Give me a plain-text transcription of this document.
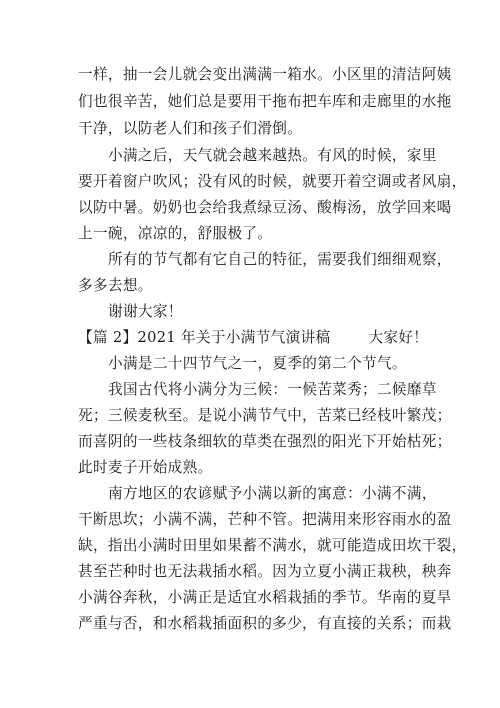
一样，抽一会儿就会变出满满一箱水。小区里的清洁阿姨
们也很辛苦，她们总是要用干拖布把车库和走廊里的水拖
干净，以防老人们和孩子们滑倒。
小满之后，天气就会越来越热。有风的时候，家里
要开着窗户吹风；没有风的时候，就要开着空调或者风扇，
以防中暑。奶奶也会给我煮绿豆汤、酸梅汤，放学回来喝
上一碗，凉凉的，舒服极了。
所有的节气都有它自己的特征，需要我们细细观察，
多多去想。
谢谢大家！
【篇 2】2021 年关于小满节气演讲稿	大家好！
小满是二十四节气之一，夏季的第二个节气。
我国古代将小满分为三候：一候苦菜秀；二候靡草
死；三候麦秋至。是说小满节气中，苦菜已经枝叶繁茂；
而喜阴的一些枝条细软的草类在强烈的阳光下开始枯死；
此时麦子开始成熟。
南方地区的农谚赋予小满以新的寓意：小满不满，
干断思坎；小满不满，芒种不管。把满用来形容雨水的盈
缺，指出小满时田里如果蓄不满水，就可能造成田坎干裂，
甚至芒种时也无法栽插水稻。因为立夏小满正栽秧，秧奔
小满谷奔秋，小满正是适宜水稻栽插的季节。华南的夏旱
严重与否，和水稻栽插面积的多少，有直接的关系；而栽
